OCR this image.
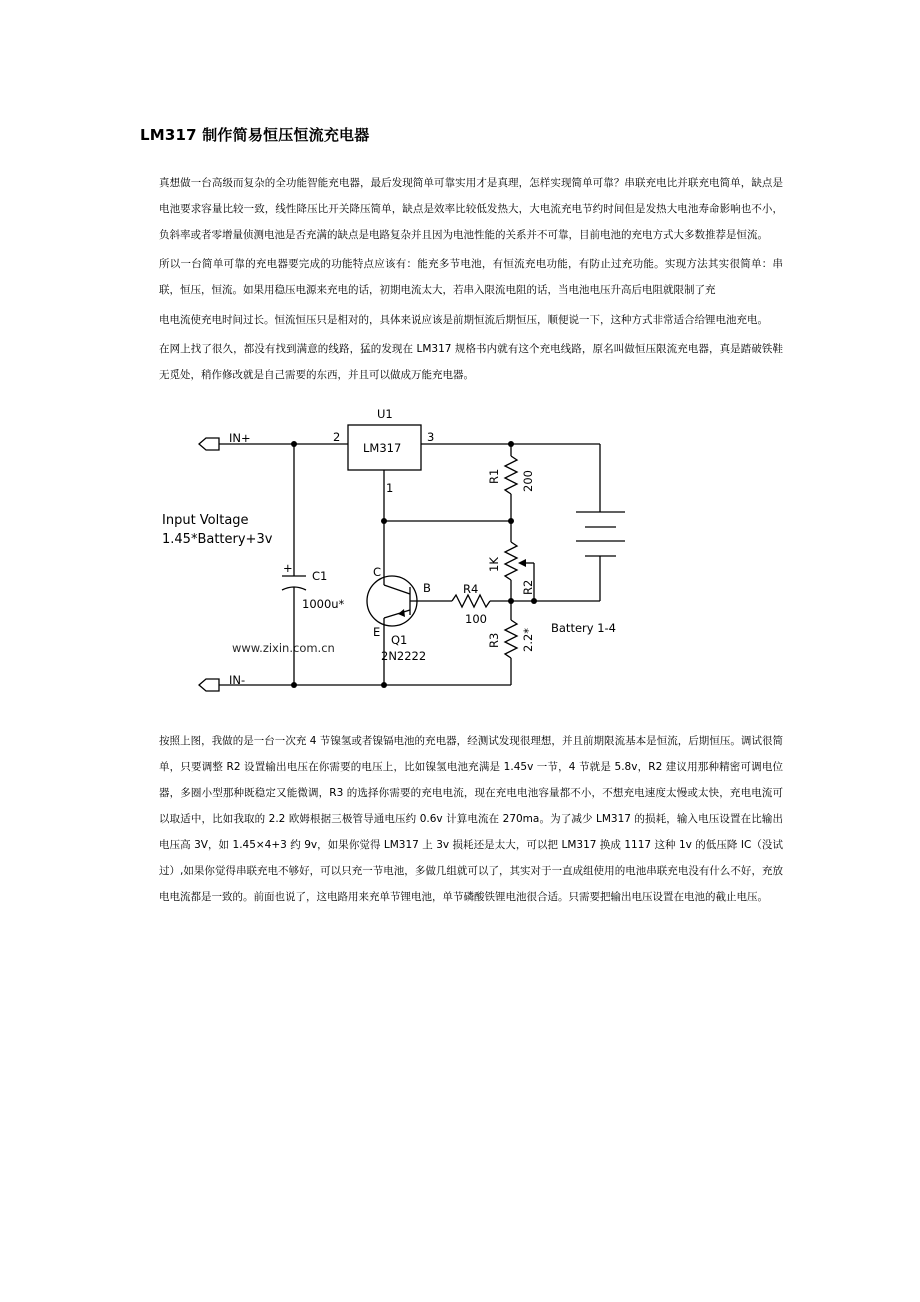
LM317 制作简易恒压恒流充电器

真想做一台高级而复杂的全功能智能充电器，最后发现简单可靠实用才是真理，怎样实现简单可靠？串联充电比并联充电简单，缺点是电池要求容量比较一致，线性降压比开关降压简单，缺点是效率比较低发热大，大电流充电节约时间但是发热大电池寿命影响也不小，负斜率或者零增量侦测电池是否充满的缺点是电路复杂并且因为电池性能的关系并不可靠，目前电池的充电方式大多数推荐是恒流。

所以一台简单可靠的充电器要完成的功能特点应该有：能充多节电池，有恒流充电功能，有防止过充功能。实现方法其实很简单：串联，恒压，恒流。如果用稳压电源来充电的话，初期电流太大，若串入限流电阻的话，当电池电压升高后电阻就限制了充

电电流使充电时间过长。恒流恒压只是相对的，具体来说应该是前期恒流后期恒压，顺便说一下，这种方式非常适合给锂电池充电。

在网上找了很久，都没有找到满意的线路，猛的发现在 LM317 规格书内就有这个充电线路，原名叫做恒压限流充电器，真是踏破铁鞋无觅处，稍作修改就是自己需要的东西，并且可以做成万能充电器。

IN+
IN-
U1
LM317
2	3
1
Input Voltage
1.45*Battery+3v
+
C1
1000u*
C
B
E
Q1
2N2222
R4
100
R1 200
1K
R2
R3 2.2* Battery 1-4
www.zixin.com.cn

按照上图，我做的是一台一次充 4 节镍氢或者镍镉电池的充电器，经测试发现很理想，并且前期限流基本是恒流，后期恒压。调试很简单，只要调整 R2 设置输出电压在你需要的电压上，比如镍氢电池充满是 1.45v 一节，4 节就是 5.8v，R2 建议用那种精密可调电位器，多圈小型那种既稳定又能微调，R3 的选择你需要的充电电流，现在充电电池容量都不小，不想充电速度太慢或太快，充电电流可以取适中，比如我取的 2.2 欧姆根据三极管导通电压约 0.6v 计算电流在 270ma。为了减少 LM317 的损耗，输入电压设置在比输出电压高 3V，如 1.45×4+3 约 9v，如果你觉得 LM317 上 3v 损耗还是太大，可以把 LM317 换成 1117 这种 1v 的低压降 IC（没试过）,如果你觉得串联充电不够好，可以只充一节电池，多做几组就可以了，其实对于一直成组使用的电池串联充电没有什么不好，充放电电流都是一致的。前面也说了，这电路用来充单节锂电池，单节磷酸铁锂电池很合适。只需要把输出电压设置在电池的截止电压。
